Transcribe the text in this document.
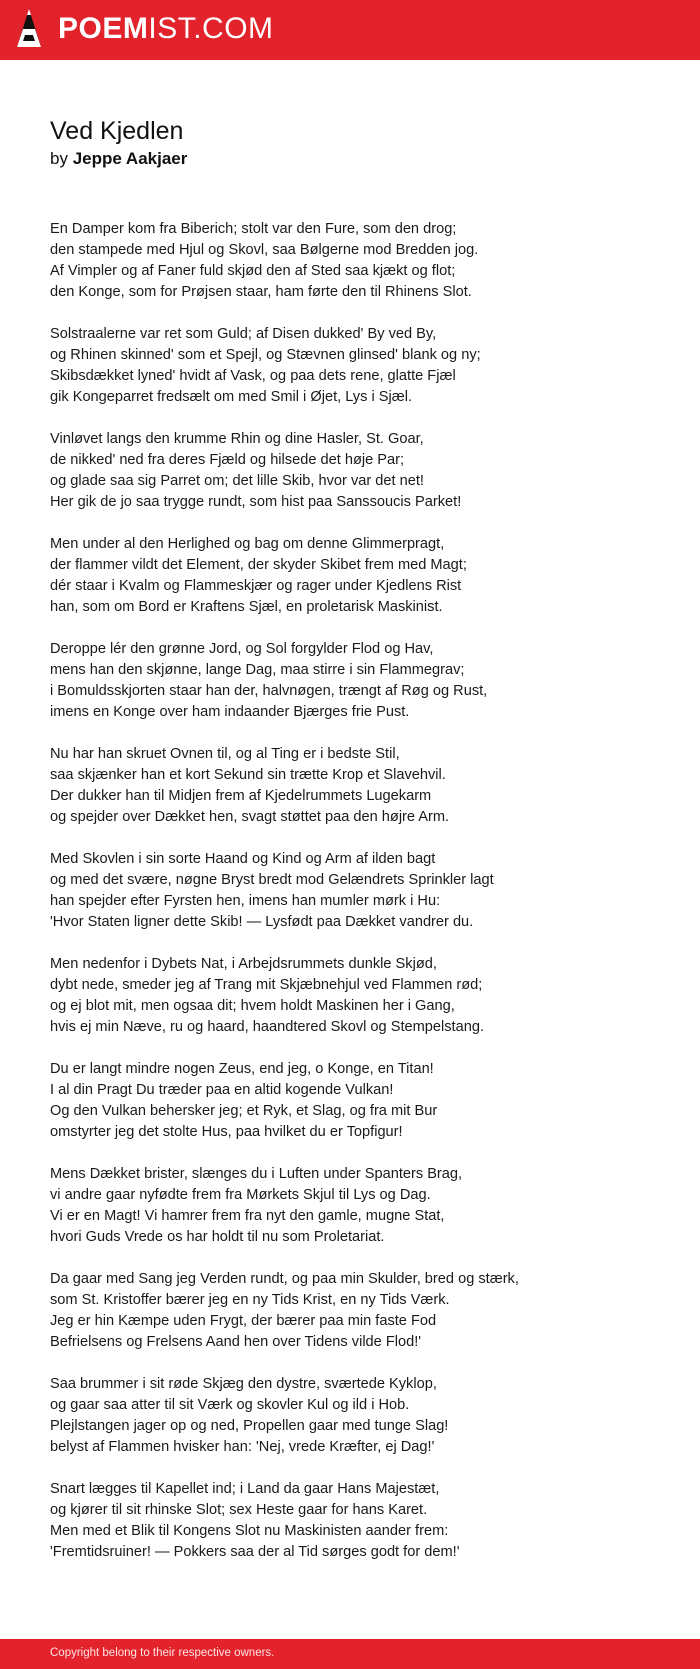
POEMIST.COM
Ved Kjedlen
by Jeppe Aakjaer
En Damper kom fra Biberich; stolt var den Fure, som den drog;
den stampede med Hjul og Skovl, saa Bølgerne mod Bredden jog.
Af Vimpler og af Faner fuld skjød den af Sted saa kjækt og flot;
den Konge, som for Prøjsen staar, ham førte den til Rhinens Slot.
Solstraalerne var ret som Guld; af Disen dukked' By ved By,
og Rhinen skinned' som et Spejl, og Stævnen glinsed' blank og ny;
Skibsdækket lyned' hvidt af Vask, og paa dets rene, glatte Fjæl
gik Kongeparret fredsælt om med Smil i Øjet, Lys i Sjæl.
Vinløvet langs den krumme Rhin og dine Hasler, St. Goar,
de nikked' ned fra deres Fjæld og hilsede det høje Par;
og glade saa sig Parret om; det lille Skib, hvor var det net!
Her gik de jo saa trygge rundt, som hist paa Sanssoucis Parket!
Men under al den Herlighed og bag om denne Glimmerpragt,
der flammer vildt det Element, der skyder Skibet frem med Magt;
dér staar i Kvalm og Flammeskjær og rager under Kjedlens Rist
han, som om Bord er Kraftens Sjæl, en proletarisk Maskinist.
Deroppe lér den grønne Jord, og Sol forgylder Flod og Hav,
mens han den skjønne, lange Dag, maa stirre i sin Flammegrav;
i Bomuldsskjorten staar han der, halvnøgen, trængt af Røg og Rust,
imens en Konge over ham indaander Bjærges frie Pust.
Nu har han skruet Ovnen til, og al Ting er i bedste Stil,
saa skjænker han et kort Sekund sin trætte Krop et Slavehvil.
Der dukker han til Midjen frem af Kjedelrummets Lugekarm
og spejder over Dækket hen, svagt støttet paa den højre Arm.
Med Skovlen i sin sorte Haand og Kind og Arm af ilden bagt
og med det svære, nøgne Bryst bredt mod Gelændrets Sprinkler lagt
han spejder efter Fyrsten hen, imens han mumler mørk i Hu:
'Hvor Staten ligner dette Skib! — Lysfødt paa Dækket vandrer du.
Men nedenfor i Dybets Nat, i Arbejdsrummets dunkle Skjød,
dybt nede, smeder jeg af Trang mit Skjæbnehjul ved Flammen rød;
og ej blot mit, men ogsaa dit; hvem holdt Maskinen her i Gang,
hvis ej min Næve, ru og haard, haandtered Skovl og Stempelstang.
Du er langt mindre nogen Zeus, end jeg, o Konge, en Titan!
I al din Pragt Du træder paa en altid kogende Vulkan!
Og den Vulkan behersker jeg; et Ryk, et Slag, og fra mit Bur
omstyrter jeg det stolte Hus, paa hvilket du er Topfigur!
Mens Dækket brister, slænges du i Luften under Spanters Brag,
vi andre gaar nyfødte frem fra Mørkets Skjul til Lys og Dag.
Vi er en Magt! Vi hamrer frem fra nyt den gamle, mugne Stat,
hvori Guds Vrede os har holdt til nu som Proletariat.
Da gaar med Sang jeg Verden rundt, og paa min Skulder, bred og stærk,
som St. Kristoffer bærer jeg en ny Tids Krist, en ny Tids Værk.
Jeg er hin Kæmpe uden Frygt, der bærer paa min faste Fod
Befrielsens og Frelsens Aand hen over Tidens vilde Flod!'
Saa brummer i sit røde Skjæg den dystre, sværtede Kyklop,
og gaar saa atter til sit Værk og skovler Kul og ild i Hob.
Plejlstangen jager op og ned, Propellen gaar med tunge Slag!
belyst af Flammen hvisker han: 'Nej, vrede Kræfter, ej Dag!'
Snart lægges til Kapellet ind; i Land da gaar Hans Majestæt,
og kjører til sit rhinske Slot; sex Heste gaar for hans Karet.
Men med et Blik til Kongens Slot nu Maskinisten aander frem:
'Fremtidsruiner! — Pokkers saa der al Tid sørges godt for dem!'
Copyright belong to their respective owners.
